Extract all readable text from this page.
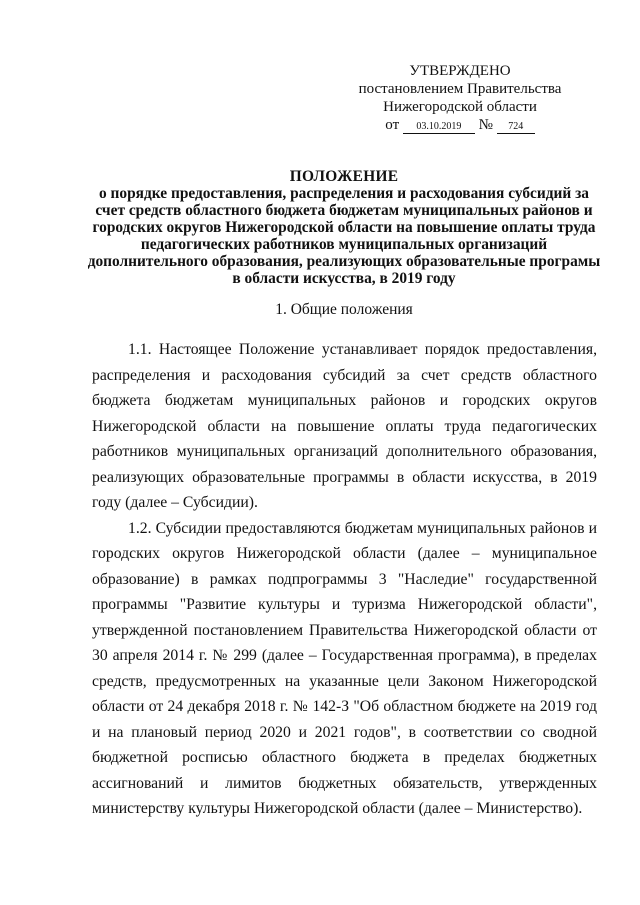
УТВЕРЖДЕНО
постановлением Правительства
Нижегородской области
от 03.10.2019 № 724
ПОЛОЖЕНИЕ
о порядке предоставления, распределения и расходования субсидий за счет средств областного бюджета бюджетам муниципальных районов и городских округов Нижегородской области на повышение оплаты труда педагогических работников муниципальных организаций дополнительного образования, реализующих образовательные програмы в области искусства, в 2019 году
1. Общие положения

1.1. Настоящее Положение устанавливает порядок предоставления, распределения и расходования субсидий за счет средств областного бюджета бюджетам муниципальных районов и городских округов Нижегородской области на повышение оплаты труда педагогических работников муниципальных организаций дополнительного образования, реализующих образовательные программы в области искусства, в 2019 году (далее – Субсидии).

1.2. Субсидии предоставляются бюджетам муниципальных районов и городских округов Нижегородской области (далее – муниципальное образование) в рамках подпрограммы 3 "Наследие" государственной программы "Развитие культуры и туризма Нижегородской области", утвержденной постановлением Правительства Нижегородской области от 30 апреля 2014 г. № 299 (далее – Государственная программа), в пределах средств, предусмотренных на указанные цели Законом Нижегородской области от 24 декабря 2018 г. № 142-З "Об областном бюджете на 2019 год и на плановый период 2020 и 2021 годов", в соответствии со сводной бюджетной росписью областного бюджета в пределах бюджетных ассигнований и лимитов бюджетных обязательств, утвержденных министерству культуры Нижегородской области (далее – Министерство).
